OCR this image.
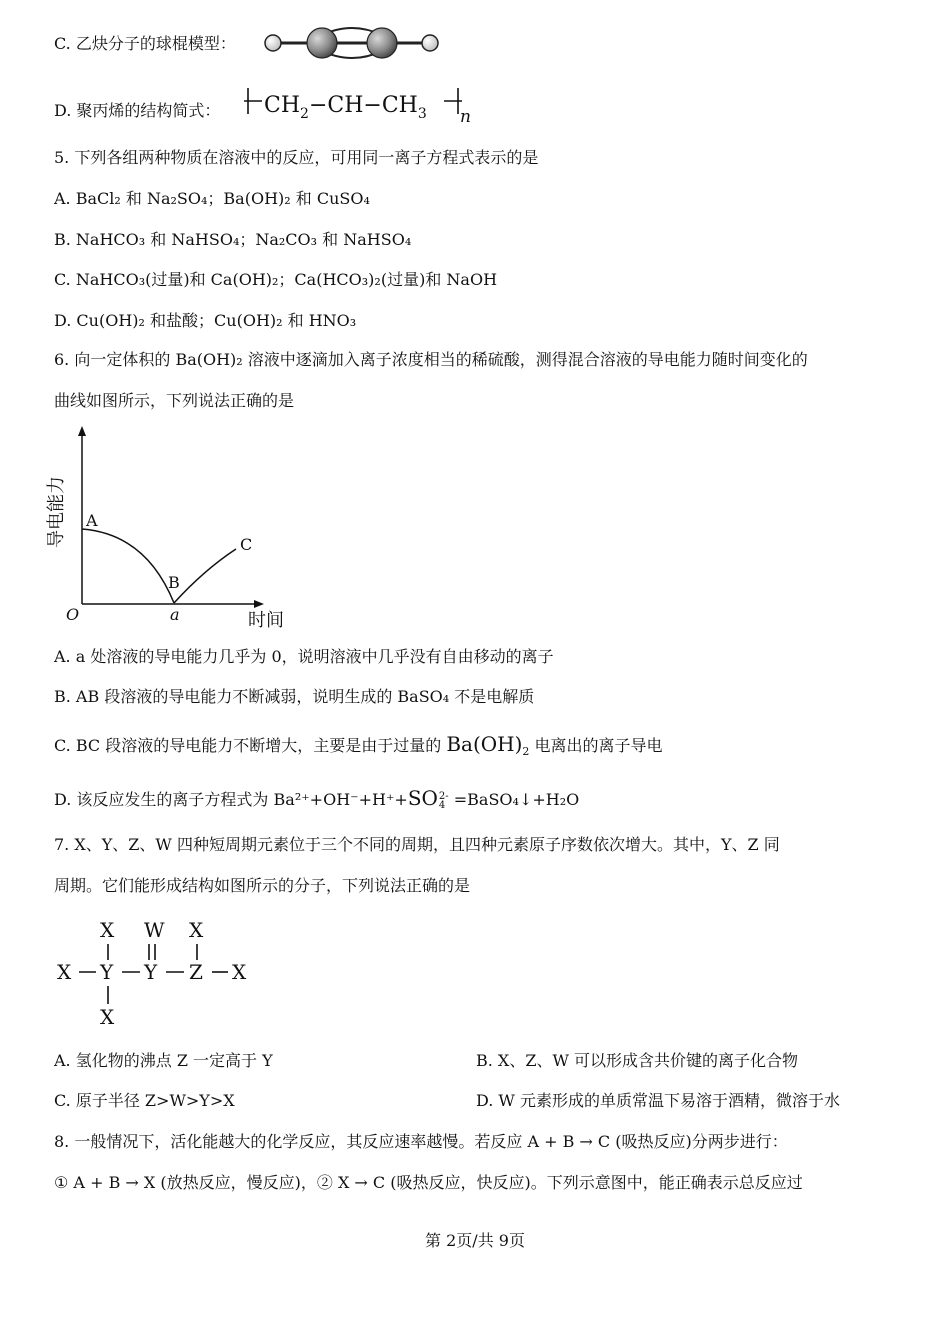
C. 乙炔分子的球棍模型：
D. 聚丙烯的结构简式： $CH_2-CH-CH_3$ n
5. 下列各组两种物质在溶液中的反应，可用同一离子方程式表示的是
A. BaCl₂ 和 Na₂SO₄；Ba(OH)₂ 和 CuSO₄
B. NaHCO₃ 和 NaHSO₄；Na₂CO₃ 和 NaHSO₄
C. NaHCO₃(过量)和 Ca(OH)₂；Ca(HCO₃)₂(过量)和 NaOH
D. Cu(OH)₂ 和盐酸；Cu(OH)₂ 和 HNO₃
6. 向一定体积的 Ba(OH)₂ 溶液中逐滴加入离子浓度相当的稀硫酸，测得混合溶液的导电能力随时间变化的
曲线如图所示，下列说法正确的是
导电能力 A
B
C
O	a	时间
A. a 处溶液的导电能力几乎为 0，说明溶液中几乎没有自由移动的离子
B. AB 段溶液的导电能力不断减弱，说明生成的 BaSO₄ 不是电解质
C. BC 段溶液的导电能力不断增大，主要是由于过量的 $Ba(OH)_2$ 电离出的离子导电
D. 该反应发生的离子方程式为 Ba²⁺+OH⁻+H⁺+SO 2-
4 =BaSO₄↓+H₂O
7. X、Y、Z、W 四种短周期元素位于三个不同的周期，且四种元素原子序数依次增大。其中，Y、Z 同
周期。它们能形成结构如图所示的分子，下列说法正确的是
X W X
X Y Y Z X
X
A. 氢化物的沸点 Z 一定高于 Y	B. X、Z、W 可以形成含共价键的离子化合物
C. 原子半径 Z>W>Y>X	D. W 元素形成的单质常温下易溶于酒精，微溶于水
8. 一般情况下，活化能越大的化学反应，其反应速率越慢。若反应 A + B → C (吸热反应)分两步进行：
① A + B → X (放热反应，慢反应)，② X → C (吸热反应，快反应)。下列示意图中，能正确表示总反应过
第 2页/共 9页
